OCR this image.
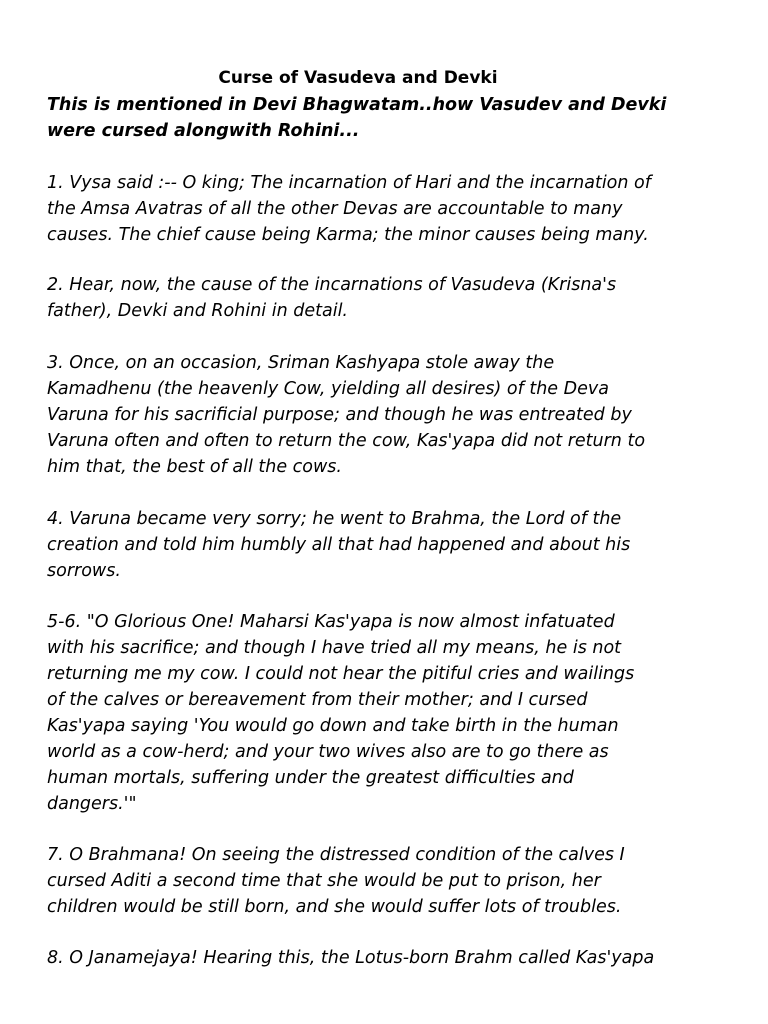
Curse of Vasudeva and Devki

This is mentioned in Devi Bhagwatam..how Vasudev and Devki
were cursed alongwith Rohini...

1. Vysa said :-- O king; The incarnation of Hari and the incarnation of
the Amsa Avatras of all the other Devas are accountable to many
causes. The chief cause being Karma; the minor causes being many.

2. Hear, now, the cause of the incarnations of Vasudeva (Krisna's
father), Devki and Rohini in detail.

3. Once, on an occasion, Sriman Kashyapa stole away the
Kamadhenu (the heavenly Cow, yielding all desires) of the Deva
Varuna for his sacrificial purpose; and though he was entreated by
Varuna often and often to return the cow, Kas'yapa did not return to
him that, the best of all the cows.

4. Varuna became very sorry; he went to Brahma, the Lord of the
creation and told him humbly all that had happened and about his
sorrows.

5-6. "O Glorious One! Maharsi Kas'yapa is now almost infatuated
with his sacrifice; and though I have tried all my means, he is not
returning me my cow. I could not hear the pitiful cries and wailings
of the calves or bereavement from their mother; and I cursed
Kas'yapa saying 'You would go down and take birth in the human
world as a cow-herd; and your two wives also are to go there as
human mortals, suffering under the greatest difficulties and
dangers.'"

7. O Brahmana! On seeing the distressed condition of the calves I
cursed Aditi a second time that she would be put to prison, her
children would be still born, and she would suffer lots of troubles.

8. O Janamejaya! Hearing this, the Lotus-born Brahm called Kas'yapa
